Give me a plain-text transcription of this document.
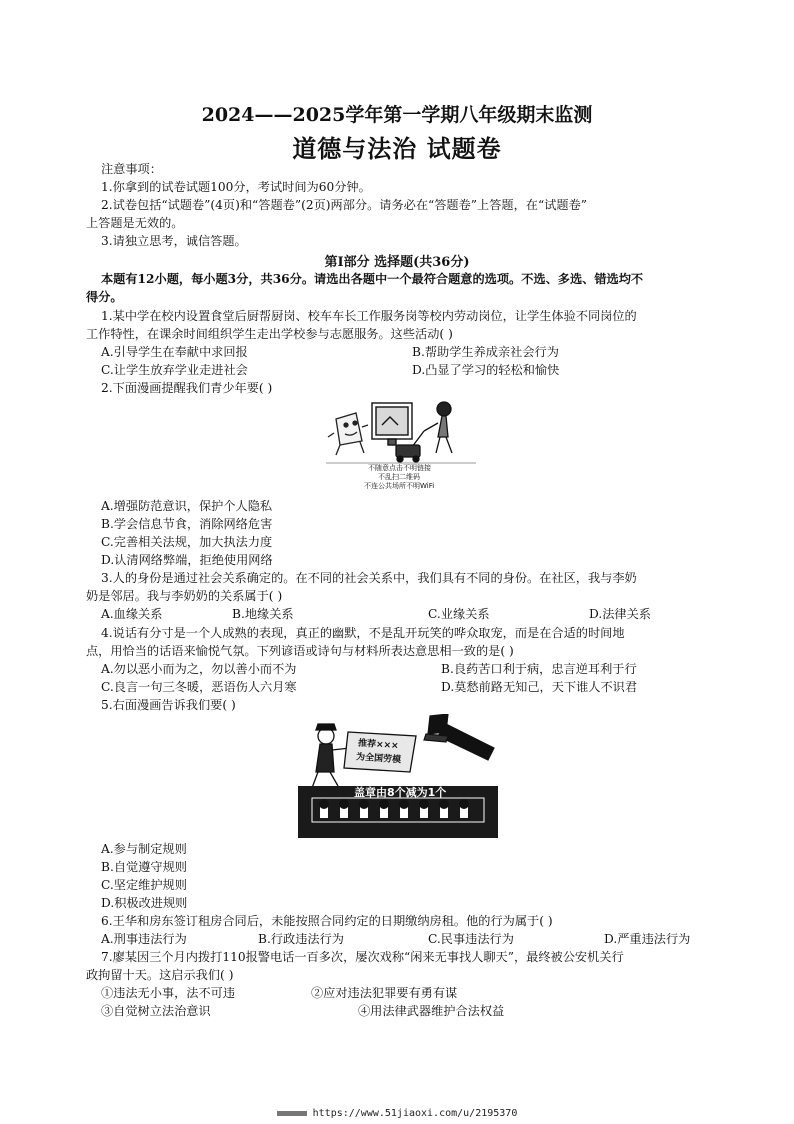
2024——2025学年第一学期八年级期末监测
道德与法治 试题卷
注意事项：
1.你拿到的试卷试题100分，考试时间为60分钟。
2.试卷包括“试题卷”(4页)和“答题卷”(2页)两部分。请务必在“答题卷”上答题，在“试题卷”
上答题是无效的。
3.请独立思考，诚信答题。
第Ⅰ部分 选择题(共36分)
本题有12小题，每小题3分，共36分。请选出各题中一个最符合题意的选项。不选、多选、错选均不
得分。
1.某中学在校内设置食堂后厨帮厨岗、校车车长工作服务岗等校内劳动岗位，让学生体验不同岗位的
工作特性，在课余时间组织学生走出学校参与志愿服务。这些活动( )
A.引导学生在奉献中求回报	B.帮助学生养成亲社会行为
C.让学生放弃学业走进社会	D.凸显了学习的轻松和愉快
2.下面漫画提醒我们青少年要( )
不随意点击不明链接
不乱扫二维码
不连公共场所不明WiFi
A.增强防范意识，保护个人隐私
B.学会信息节食，消除网络危害
C.完善相关法规，加大执法力度
D.认清网络弊端，拒绝使用网络
3.人的身份是通过社会关系确定的。在不同的社会关系中，我们具有不同的身份。在社区，我与李奶
奶是邻居。我与李奶奶的关系属于( )
A.血缘关系	B.地缘关系	C.业缘关系	D.法律关系
4.说话有分寸是一个人成熟的表现，真正的幽默，不是乱开玩笑的哗众取宠，而是在合适的时间地
点，用恰当的话语来愉悦气氛。下列谚语或诗句与材料所表达意思相一致的是( )
A.勿以恶小而为之，勿以善小而不为	B.良药苦口利于病，忠言逆耳利于行
C.良言一句三冬暖，恶语伤人六月寒	D.莫愁前路无知己，天下谁人不识君
5.右面漫画告诉我们要( )
推荐×××
为全国劳模
盖章由8个减为1个
A.参与制定规则
B.自觉遵守规则
C.坚定维护规则
D.积极改进规则
6.王华和房东签订租房合同后，未能按照合同约定的日期缴纳房租。他的行为属于( )
A.刑事违法行为	B.行政违法行为	C.民事违法行为	D.严重违法行为
7.廖某因三个月内拨打110报警电话一百多次，屡次戏称“闲来无事找人聊天”，最终被公安机关行
政拘留十天。这启示我们( )
①违法无小事，法不可违	②应对违法犯罪要有勇有谋
③自觉树立法治意识	④用法律武器维护合法权益
https://www.51jiaoxi.com/u/2195370
